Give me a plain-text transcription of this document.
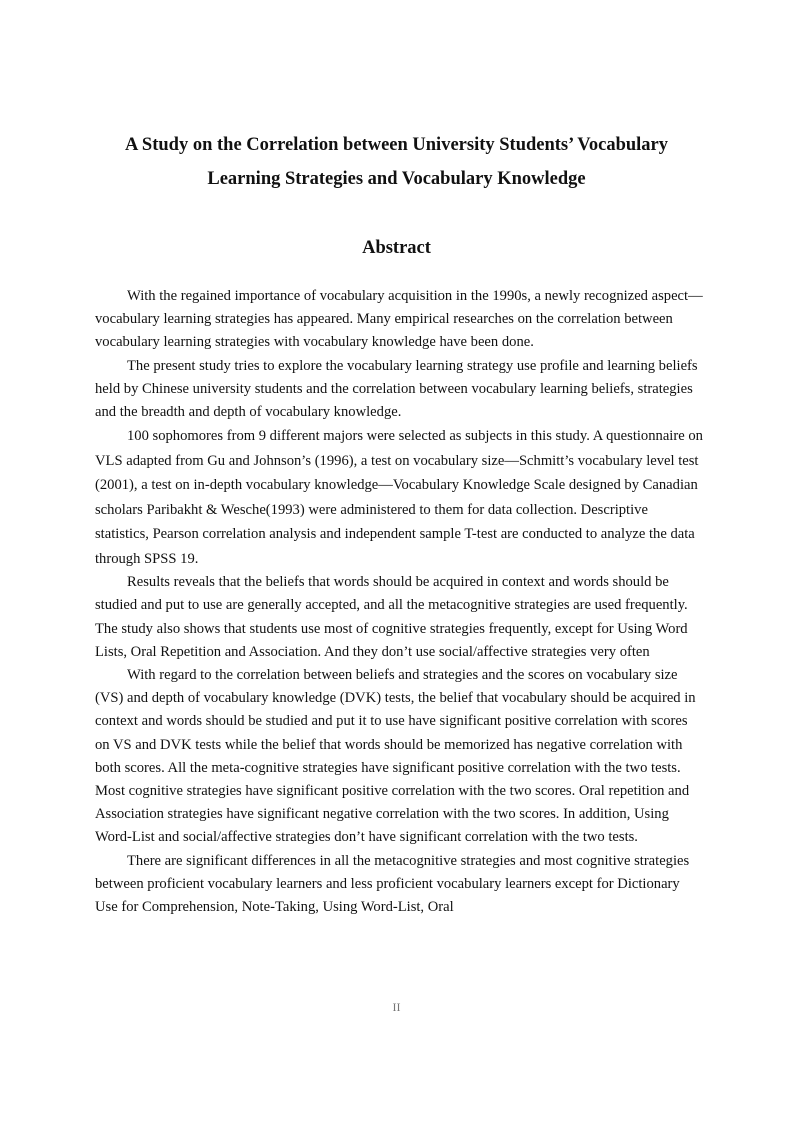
A Study on the Correlation between University Students’ Vocabulary
Learning Strategies and Vocabulary Knowledge
Abstract

With the regained importance of vocabulary acquisition in the 1990s, a newly recognized aspect—vocabulary learning strategies has appeared. Many empirical researches on the correlation between vocabulary learning strategies with vocabulary knowledge have been done.

The present study tries to explore the vocabulary learning strategy use profile and learning beliefs held by Chinese university students and the correlation between vocabulary learning beliefs, strategies and the breadth and depth of vocabulary knowledge.

100 sophomores from 9 different majors were selected as subjects in this study. A questionnaire on VLS adapted from Gu and Johnson’s (1996), a test on vocabulary size—Schmitt’s vocabulary level test (2001), a test on in-depth vocabulary knowledge—Vocabulary Knowledge Scale designed by Canadian scholars Paribakht & Wesche(1993) were administered to them for data collection. Descriptive statistics, Pearson correlation analysis and independent sample T-test are conducted to analyze the data through SPSS 19.

Results reveals that the beliefs that words should be acquired in context and words should be studied and put to use are generally accepted, and all the metacognitive strategies are used frequently. The study also shows that students use most of cognitive strategies frequently, except for Using Word Lists, Oral Repetition and Association. And they don’t use social/affective strategies very often

With regard to the correlation between beliefs and strategies and the scores on vocabulary size (VS) and depth of vocabulary knowledge (DVK) tests, the belief that vocabulary should be acquired in context and words should be studied and put it to use have significant positive correlation with scores on VS and DVK tests while the belief that words should be memorized has negative correlation with both scores. All the meta-cognitive strategies have significant positive correlation with the two tests. Most cognitive strategies have significant positive correlation with the two scores. Oral repetition and Association strategies have significant negative correlation with the two scores. In addition, Using Word-List and social/affective strategies don’t have significant correlation with the two tests.

There are significant differences in all the metacognitive strategies and most cognitive strategies between proficient vocabulary learners and less proficient vocabulary learners except for Dictionary Use for Comprehension, Note-Taking, Using Word-List, Oral

II
